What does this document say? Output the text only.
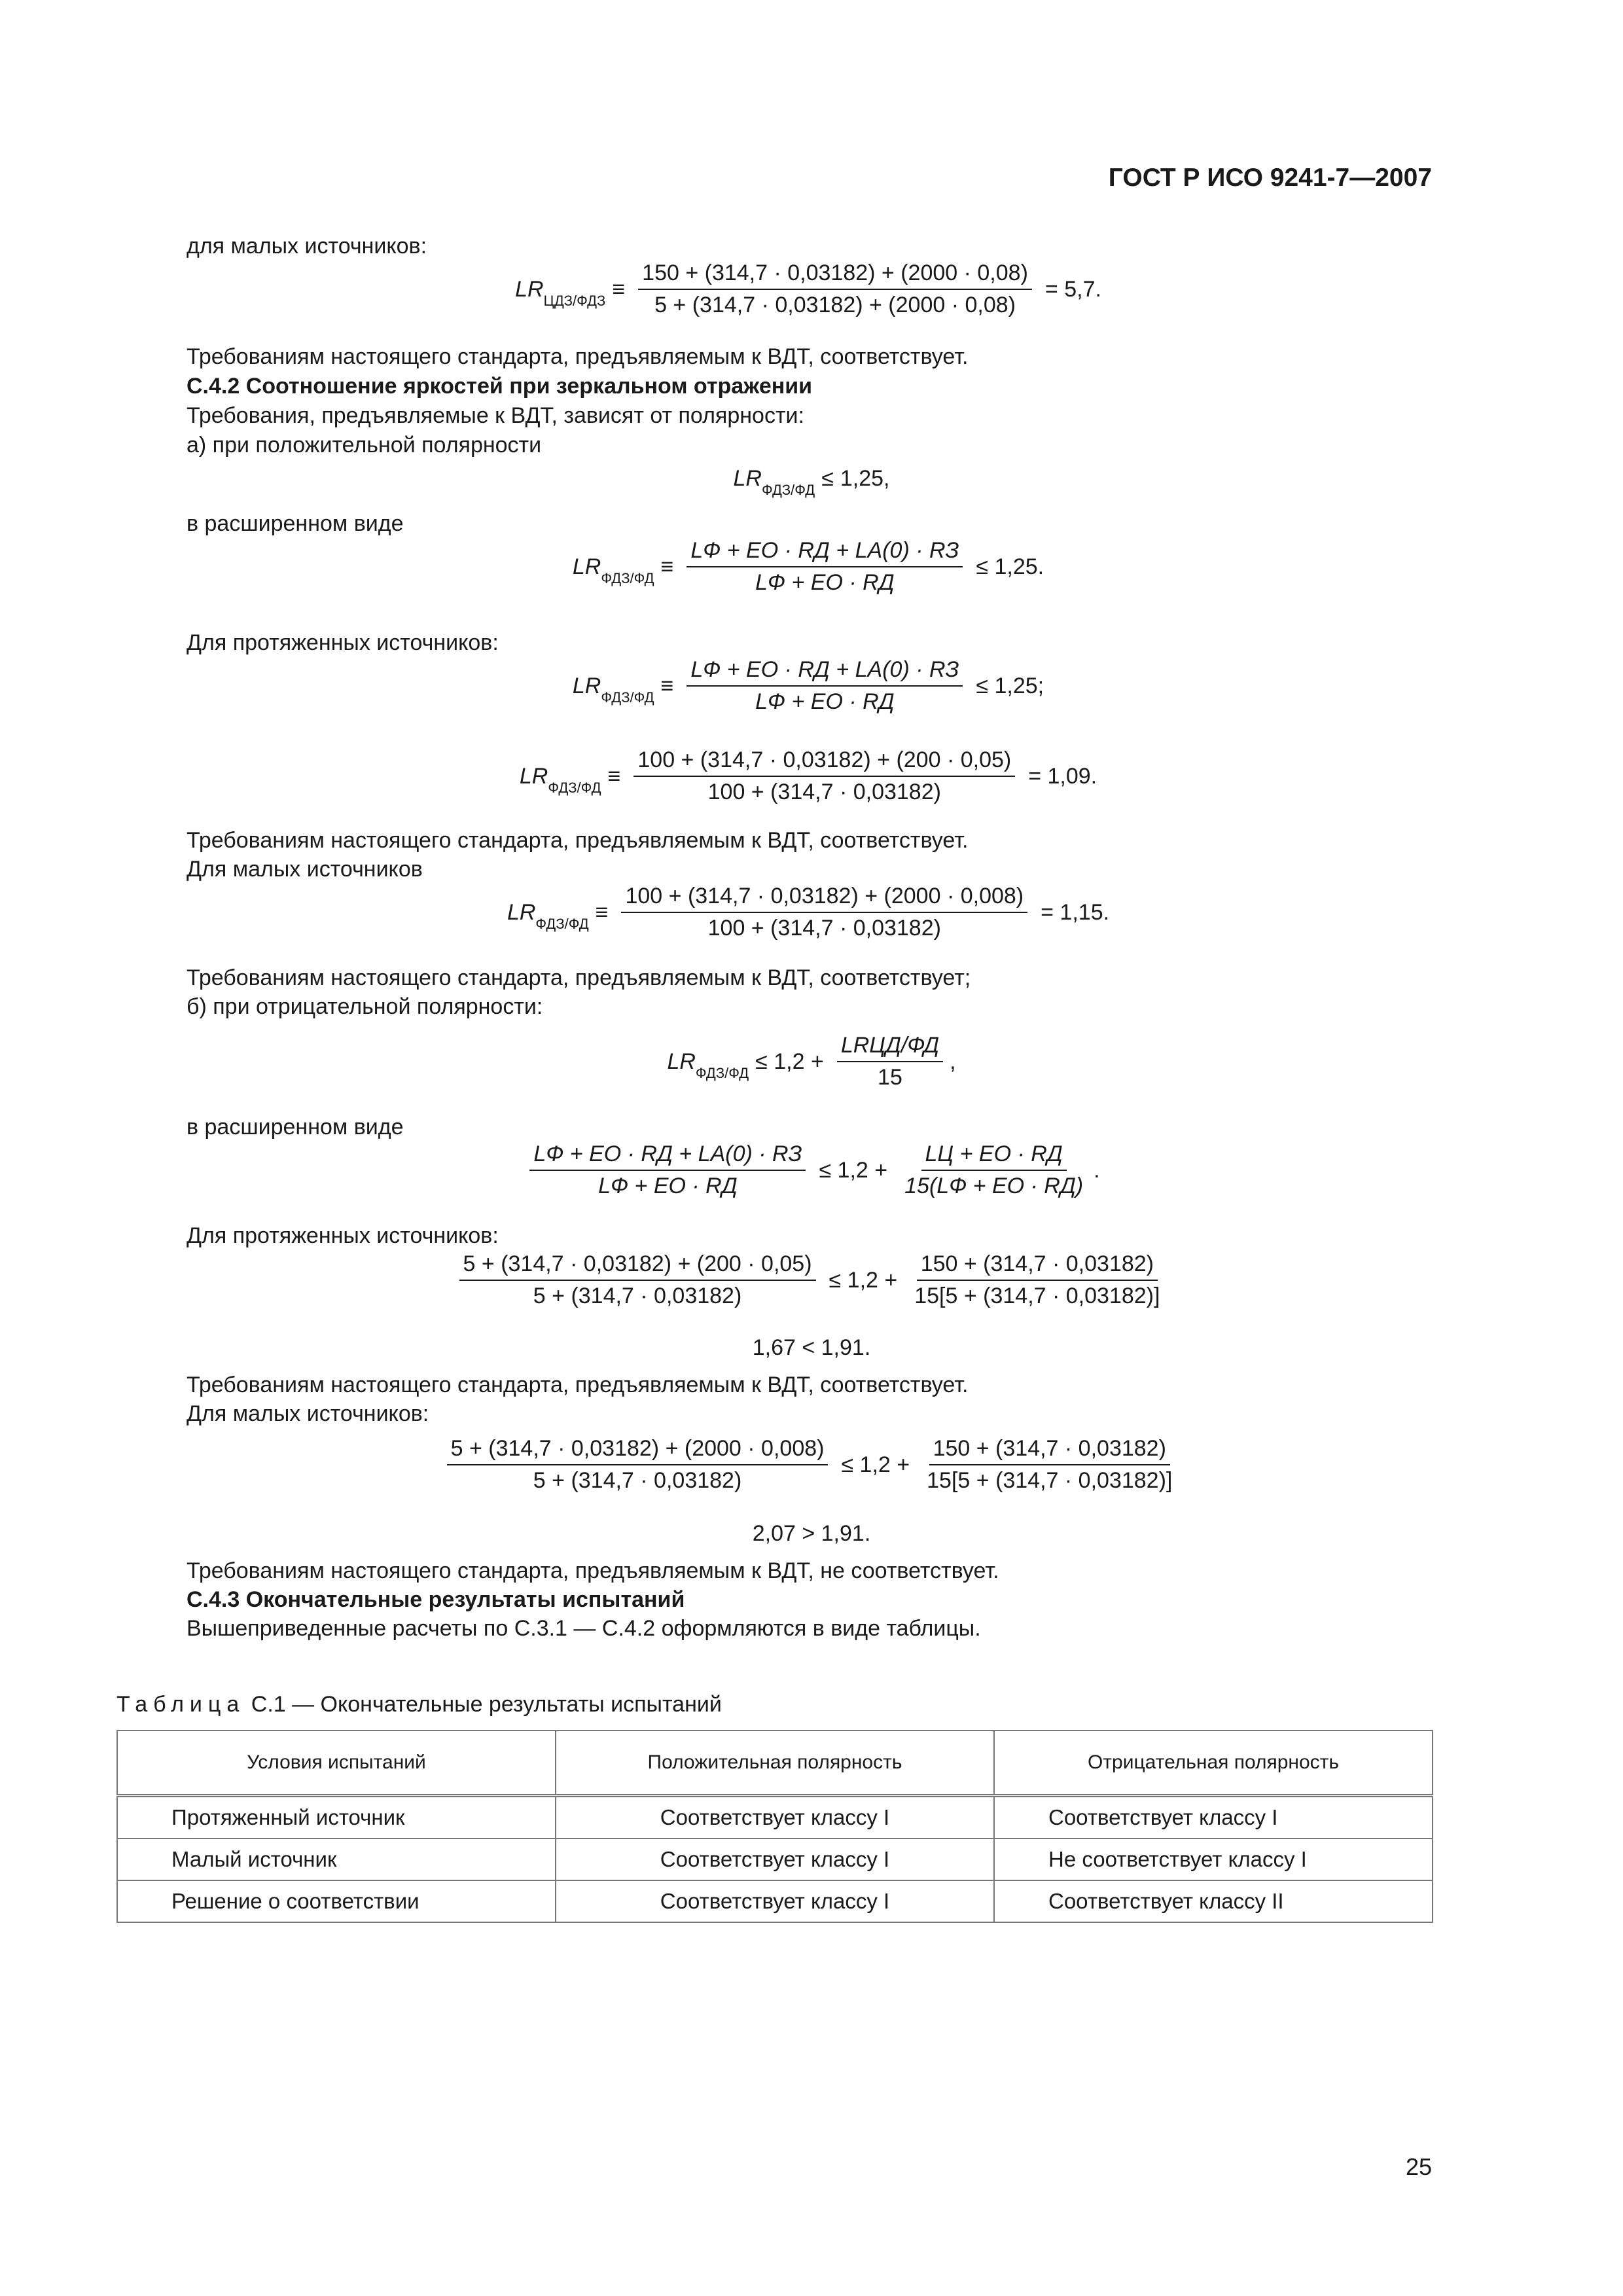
ГОСТ Р ИСО 9241-7—2007
для малых источников:
$LR_{ЦДЗ/ФДЗ} \equiv \frac{150 + (314,7 \cdot 0,03182) + (2000 \cdot 0,08)}{5 + (314,7 \cdot 0,03182) + (2000 \cdot 0,08)} = 5,7$.
Требованиям настоящего стандарта, предъявляемым к ВДТ, соответствует.
С.4.2 Соотношение яркостей при зеркальном отражении
Требования, предъявляемые к ВДТ, зависят от полярности:
а) при положительной полярности
$LR_{ФДЗ/ФД} \le 1,25$,
в расширенном виде
$LR_{ФДЗ/ФД} \equiv \frac{LФ + EО \cdot RД + LА(0) \cdot RЗ}{LФ + EО \cdot RД} \le 1,25$.
Для протяженных источников:
$LR_{ФДЗ/ФД} \equiv \frac{LФ + EО \cdot RД + LА(0) \cdot RЗ}{LФ + EО \cdot RД} \le 1,25$;
$LR_{ФДЗ/ФД} \equiv \frac{100 + (314,7 \cdot 0,03182) + (200 \cdot 0,05)}{100 + (314,7 \cdot 0,03182)} = 1,09$.
Требованиям настоящего стандарта, предъявляемым к ВДТ, соответствует.
Для малых источников
$LR_{ФДЗ/ФД} \equiv \frac{100 + (314,7 \cdot 0,03182) + (2000 \cdot 0,008)}{100 + (314,7 \cdot 0,03182)} = 1,15$.
Требованиям настоящего стандарта, предъявляемым к ВДТ, соответствует;
б) при отрицательной полярности:
$LR_{ФДЗ/ФД} \le 1,2 + \frac{\text{LRЦД/ФД}}{15}$ ,
в расширенном виде
$\frac{LФ + EО \cdot RД + LА(0) \cdot RЗ}{LФ + EО \cdot RД} \le 1,2 + \frac{LЦ + EО \cdot RД}{15(LФ + EО \cdot RД)}$ .
Для протяженных источников:
$\frac{5 + (314,7 \cdot 0,03182) + (200 \cdot 0,05)}{5 + (314,7 \cdot 0,03182)} \le 1,2 + \frac{150 + (314,7 \cdot 0,03182)}{15[5 + (314,7 \cdot 0,03182)]}$
1,67 < 1,91.
Требованиям настоящего стандарта, предъявляемым к ВДТ, соответствует.
Для малых источников:
$\frac{5 + (314,7 \cdot 0,03182) + (2000 \cdot 0,008)}{5 + (314,7 \cdot 0,03182)} \le 1,2 + \frac{150 + (314,7 \cdot 0,03182)}{15[5 + (314,7 \cdot 0,03182)]}$
2,07 > 1,91.
Требованиям настоящего стандарта, предъявляемым к ВДТ, не соответствует.
С.4.3 Окончательные результаты испытаний
Вышеприведенные расчеты по С.3.1 — С.4.2 оформляются в виде таблицы.
Таблица С.1 — Окончательные результаты испытаний
Условия испытаний	Положительная полярность	Отрицательная полярность
Протяженный источник	Соответствует классу I	Соответствует классу I
Малый источник	Соответствует классу I	Не соответствует классу I
Решение о соответствии	Соответствует классу I	Соответствует классу II
25
